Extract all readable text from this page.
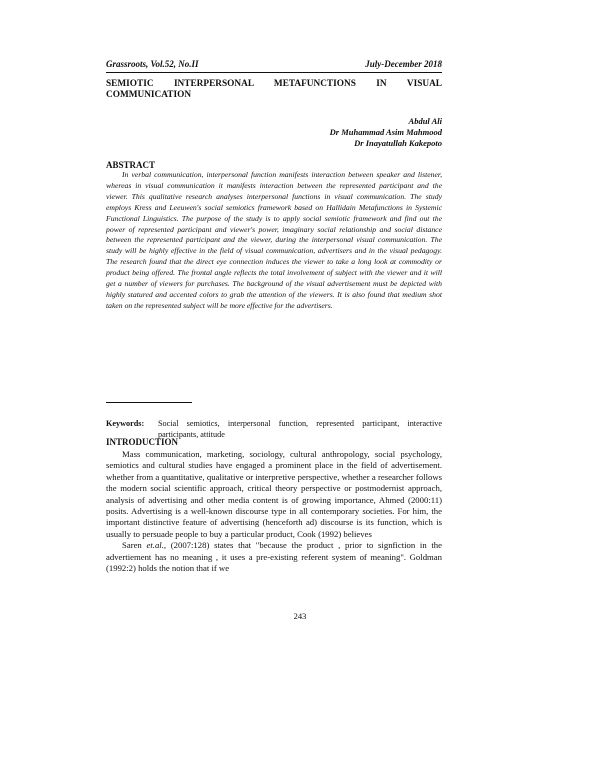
Grassroots, Vol.52, No.II	July-December 2018
SEMIOTIC INTERPERSONAL METAFUNCTIONS IN VISUAL COMMUNICATION
Abdul Ali
Dr Muhammad Asim Mahmood
Dr Inayatullah Kakepoto
ABSTRACT

In verbal communication, interpersonal function manifests interaction between speaker and listener, whereas in visual communication it manifests interaction between the represented participant and the viewer. This qualitative research analyses interpersonal functions in visual communication. The study employs Kress and Leeuwen's social semiotics framework based on Hallidain Metafunctions in Systemic Functional Linguistics. The purpose of the study is to apply social semiotic framework and find out the power of represented participant and viewer's power, imaginary social relationship and social distance between the represented participant and the viewer, during the interpersonal visual communication. The study will be highly effective in the field of visual communication, advertisers and in the visual pedagogy. The research found that the direct eye connection induces the viewer to take a long look at commodity or product being offered. The frontal angle reflects the total involvement of subject with the viewer and it will get a number of viewers for purchases. The background of the visual advertisement must be depicted with highly statured and accented colors to grab the attention of the viewers. It is also found that medium shot taken on the represented subject will be more effective for the advertisers.

Keywords: Social semiotics, interpersonal function, represented participant, interactive participants, attitude
INTRODUCTION

Mass communication, marketing, sociology, cultural anthropology, social psychology, semiotics and cultural studies have engaged a prominent place in the field of advertisement. whether from a quantitative, qualitative or interpretive perspective, whether a researcher follows the modern social scientific approach, critical theory perspective or postmodernist approach, analysis of advertising and other media content is of growing importance, Ahmed (2000:11) posits. Advertising is a well-known discourse type in all contemporary societies. For him, the important distinctive feature of advertising (henceforth ad) discourse is its function, which is usually to persuade people to buy a particular product, Cook (1992) believes

Saren et.al., (2007:128) states that "because the product , prior to signfiction in the advertiement has no meaning , it uses a pre-existing referent system of meaning". Goldman (1992:2) holds the notion that if we

243
